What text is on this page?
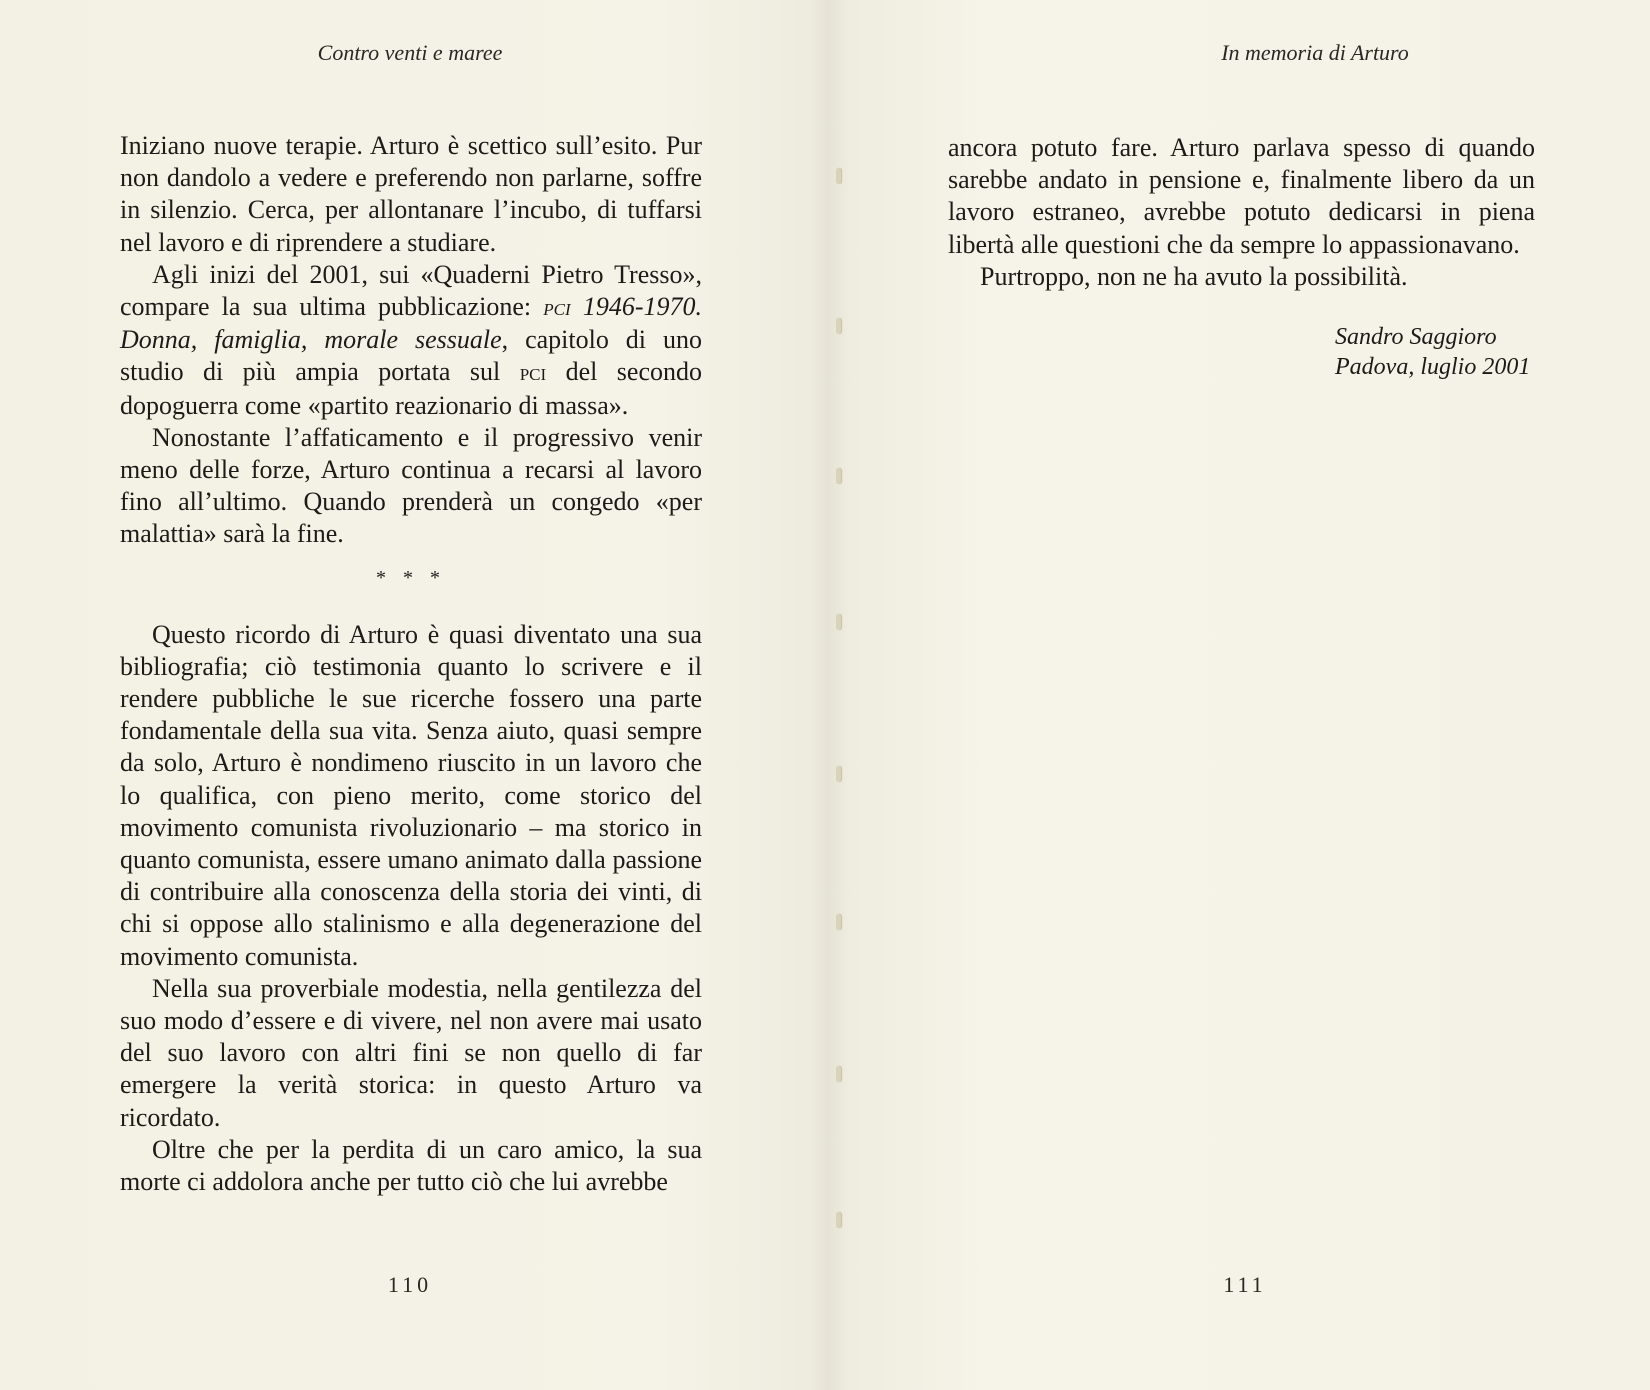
Contro venti e maree

Iniziano nuove terapie. Arturo è scettico sull’esito. Pur non dandolo a vedere e preferendo non parlarne, soffre in silenzio. Cerca, per allontanare l’incubo, di tuffarsi nel lavoro e di riprendere a studiare.

Agli inizi del 2001, sui «Quaderni Pietro Tresso», compare la sua ultima pubblicazione: pci 1946-1970. Donna, famiglia, morale sessuale, capitolo di uno studio di più ampia portata sul pci del secondo dopoguerra come «partito reazionario di massa».

Nonostante l’affaticamento e il progressivo venir meno delle forze, Arturo continua a recarsi al lavoro fino all’ultimo. Quando prenderà un congedo «per malattia» sarà la fine.

* * *

Questo ricordo di Arturo è quasi diventato una sua bibliografia; ciò testimonia quanto lo scrivere e il rendere pubbliche le sue ricerche fossero una parte fondamentale della sua vita. Senza aiuto, quasi sempre da solo, Arturo è nondimeno riuscito in un lavoro che lo qualifica, con pieno merito, come storico del movimento comunista rivoluzionario – ma storico in quanto comunista, essere umano animato dalla passione di contribuire alla conoscenza della storia dei vinti, di chi si oppose allo stalinismo e alla degenerazione del movimento comunista.

Nella sua proverbiale modestia, nella gentilezza del suo modo d’essere e di vivere, nel non avere mai usato del suo lavoro con altri fini se non quello di far emergere la verità storica: in questo Arturo va ricordato.

Oltre che per la perdita di un caro amico, la sua morte ci addolora anche per tutto ciò che lui avrebbe

110
In memoria di Arturo

ancora potuto fare. Arturo parlava spesso di quando sarebbe andato in pensione e, finalmente libero da un lavoro estraneo, avrebbe potuto dedicarsi in piena libertà alle questioni che da sempre lo appassionavano.

Purtroppo, non ne ha avuto la possibilità.

Sandro Saggioro
Padova, luglio 2001
111
